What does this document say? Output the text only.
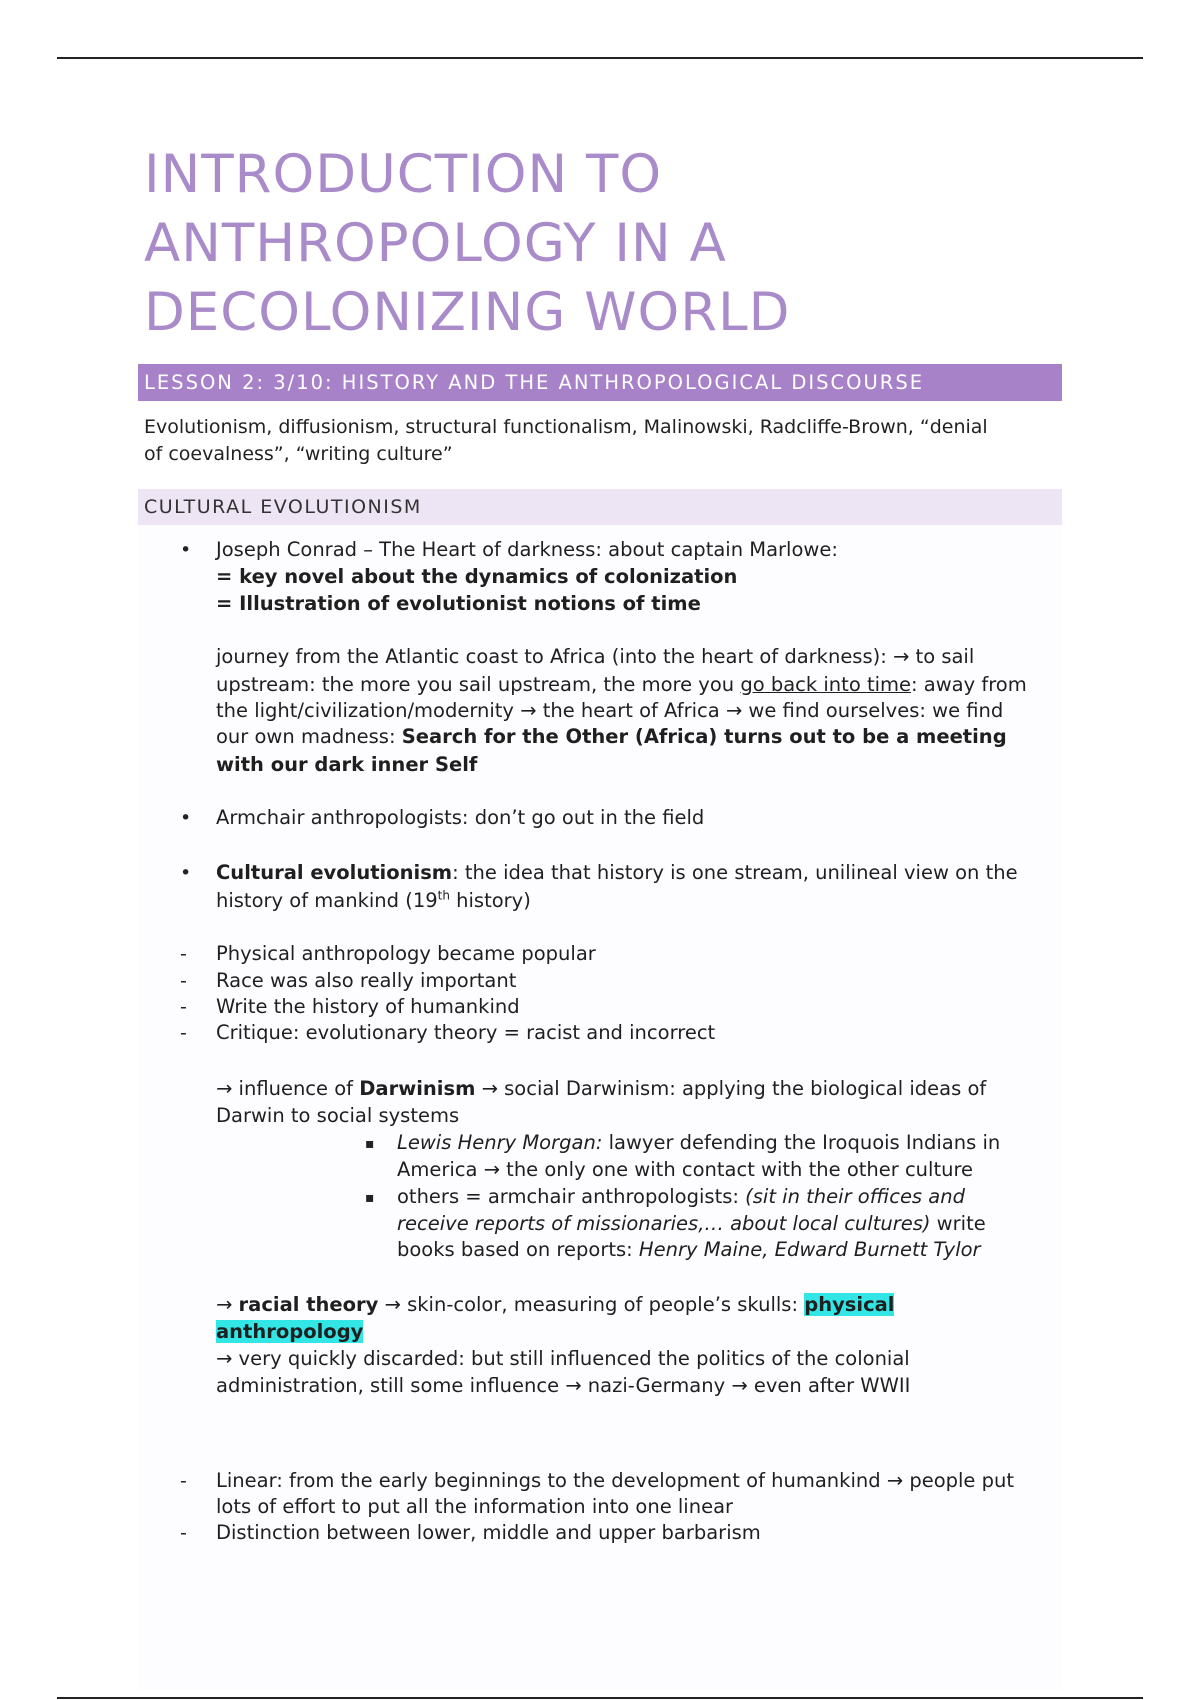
INTRODUCTION TO
ANTHROPOLOGY IN A
DECOLONIZING WORLD
LESSON 2: 3/10: HISTORY AND THE ANTHROPOLOGICAL DISCOURSE
Evolutionism, diffusionism, structural functionalism, Malinowski, Radcliffe-Brown, “denial
of coevalness”, “writing culture”
CULTURAL EVOLUTIONISM
• Joseph Conrad – The Heart of darkness: about captain Marlowe:
= key novel about the dynamics of colonization
= Illustration of evolutionist notions of time
journey from the Atlantic coast to Africa (into the heart of darkness): → to sail
upstream: the more you sail upstream, the more you go back into time: away from
the light/civilization/modernity → the heart of Africa → we find ourselves: we find
our own madness: Search for the Other (Africa) turns out to be a meeting
with our dark inner Self
• Armchair anthropologists: don’t go out in the field
• Cultural evolutionism: the idea that history is one stream, unilineal view on the
history of mankind (19th history)
- Physical anthropology became popular
- Race was also really important
- Write the history of humankind
- Critique: evolutionary theory = racist and incorrect
→ influence of Darwinism → social Darwinism: applying the biological ideas of
Darwin to social systems
▪ Lewis Henry Morgan: lawyer defending the Iroquois Indians in
America → the only one with contact with the other culture
▪ others = armchair anthropologists: (sit in their offices and
receive reports of missionaries,… about local cultures) write
books based on reports: Henry Maine, Edward Burnett Tylor
→ racial theory → skin-color, measuring of people’s skulls: physical
anthropology
→ very quickly discarded: but still influenced the politics of the colonial
administration, still some influence → nazi-Germany → even after WWII
- Linear: from the early beginnings to the development of humankind → people put
lots of effort to put all the information into one linear
- Distinction between lower, middle and upper barbarism
